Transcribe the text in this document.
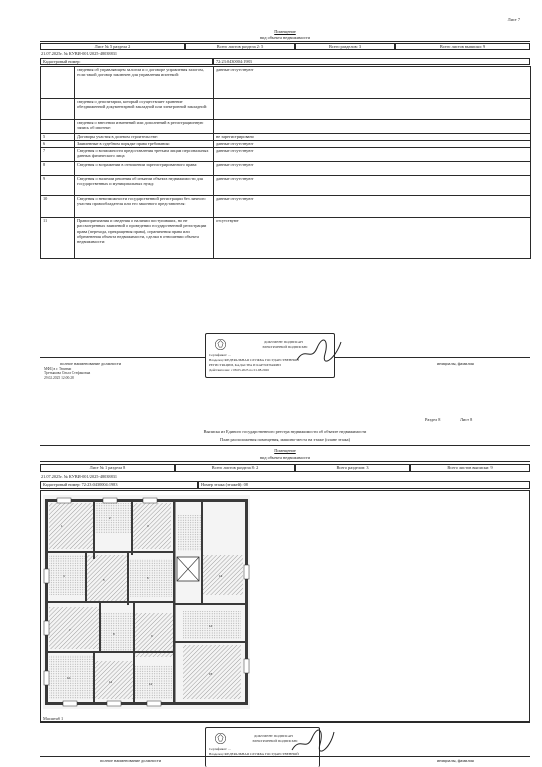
Лист 7
Помещение
вид объекта недвижимости
Лист № 5 раздела 2	Всего листов раздела 2: 5	Всего разделов: 3	Всего листов выписки: 9
21.07.2025г. № КУВИ-001/2025-48038831
Кадастровый номер:	72:23:0430004:1983
	сведения об управляющем залогом и о договоре управления залогом, если такой договор заключен для управления ипотекой:	данные отсутствуют
	сведения о депозитарии, который осуществляет хранение обездвиженной документарной закладной или электронной закладной:	
	сведения о внесении изменений или дополнений в регистрационную запись об ипотеке:	
5	Договоры участия в долевом строительстве:	не зарегистрировано
6	Заявленные в судебном порядке права требования:	данные отсутствуют
7	Сведения о возможности предоставления третьим лицам персональных данных физического лица	данные отсутствуют
8	Сведения о возражении в отношении зарегистрированного права:	данные отсутствуют
9	Сведения о наличии решения об изъятии объекта недвижимости для государственных и муниципальных нужд:	данные отсутствуют
10	Сведения о невозможности государственной регистрации без личного участия правообладателя или его законного представителя:	данные отсутствуют
11	Правопритязания и сведения о наличии поступивших, но не рассмотренных заявлений о проведении государственной регистрации права (перехода, прекращения права), ограничения права или обременения объекта недвижимости, сделки в отношении объекта недвижимости:	отсутствуют
полное наименование должности	инициалы, фамилия
МФЦ в г. Тюмени
Третьякова Ольга Стефановна
29.02.2025 12:00:28
ДОКУМЕНТ ПОДПИСАН
ЭЛЕКТРОННОЙ ПОДПИСЬЮ
Сертификат: ...
Владелец: ФЕДЕРАЛЬНАЯ СЛУЖБА ГОСУДАРСТВЕННОЙ
РЕГИСТРАЦИИ, КАДАСТРА И КАРТОГРАФИИ
Действителен: с 08.05.2025 по 01.08.2026
Раздел 8	Лист 8
Выписка из Единого государственного реестра недвижимости об объекте недвижимости
План расположения помещения, машино-места на этаже (плане этажа)
Помещение
вид объекта недвижимости
Лист № 1 раздела 8	Всего листов раздела 8: 2	Всего разделов: 3	Всего листов выписки: 9
21.07.2025г. № КУВИ-001/2025-48038831
Кадастровый номер: 72:23:0430004:1983	Номер этажа (этажей): 08
1
2
3
4
5	6
7
8	9
10
11	12
13
14
15
Масштаб 1
ДОКУМЕНТ ПОДПИСАН
ЭЛЕКТРОННОЙ ПОДПИСЬЮ
Сертификат: ...
Владелец: ФЕДЕРАЛЬНАЯ СЛУЖБА ГОСУДАРСТВЕННОЙ
полное наименование должности	инициалы, фамилия
